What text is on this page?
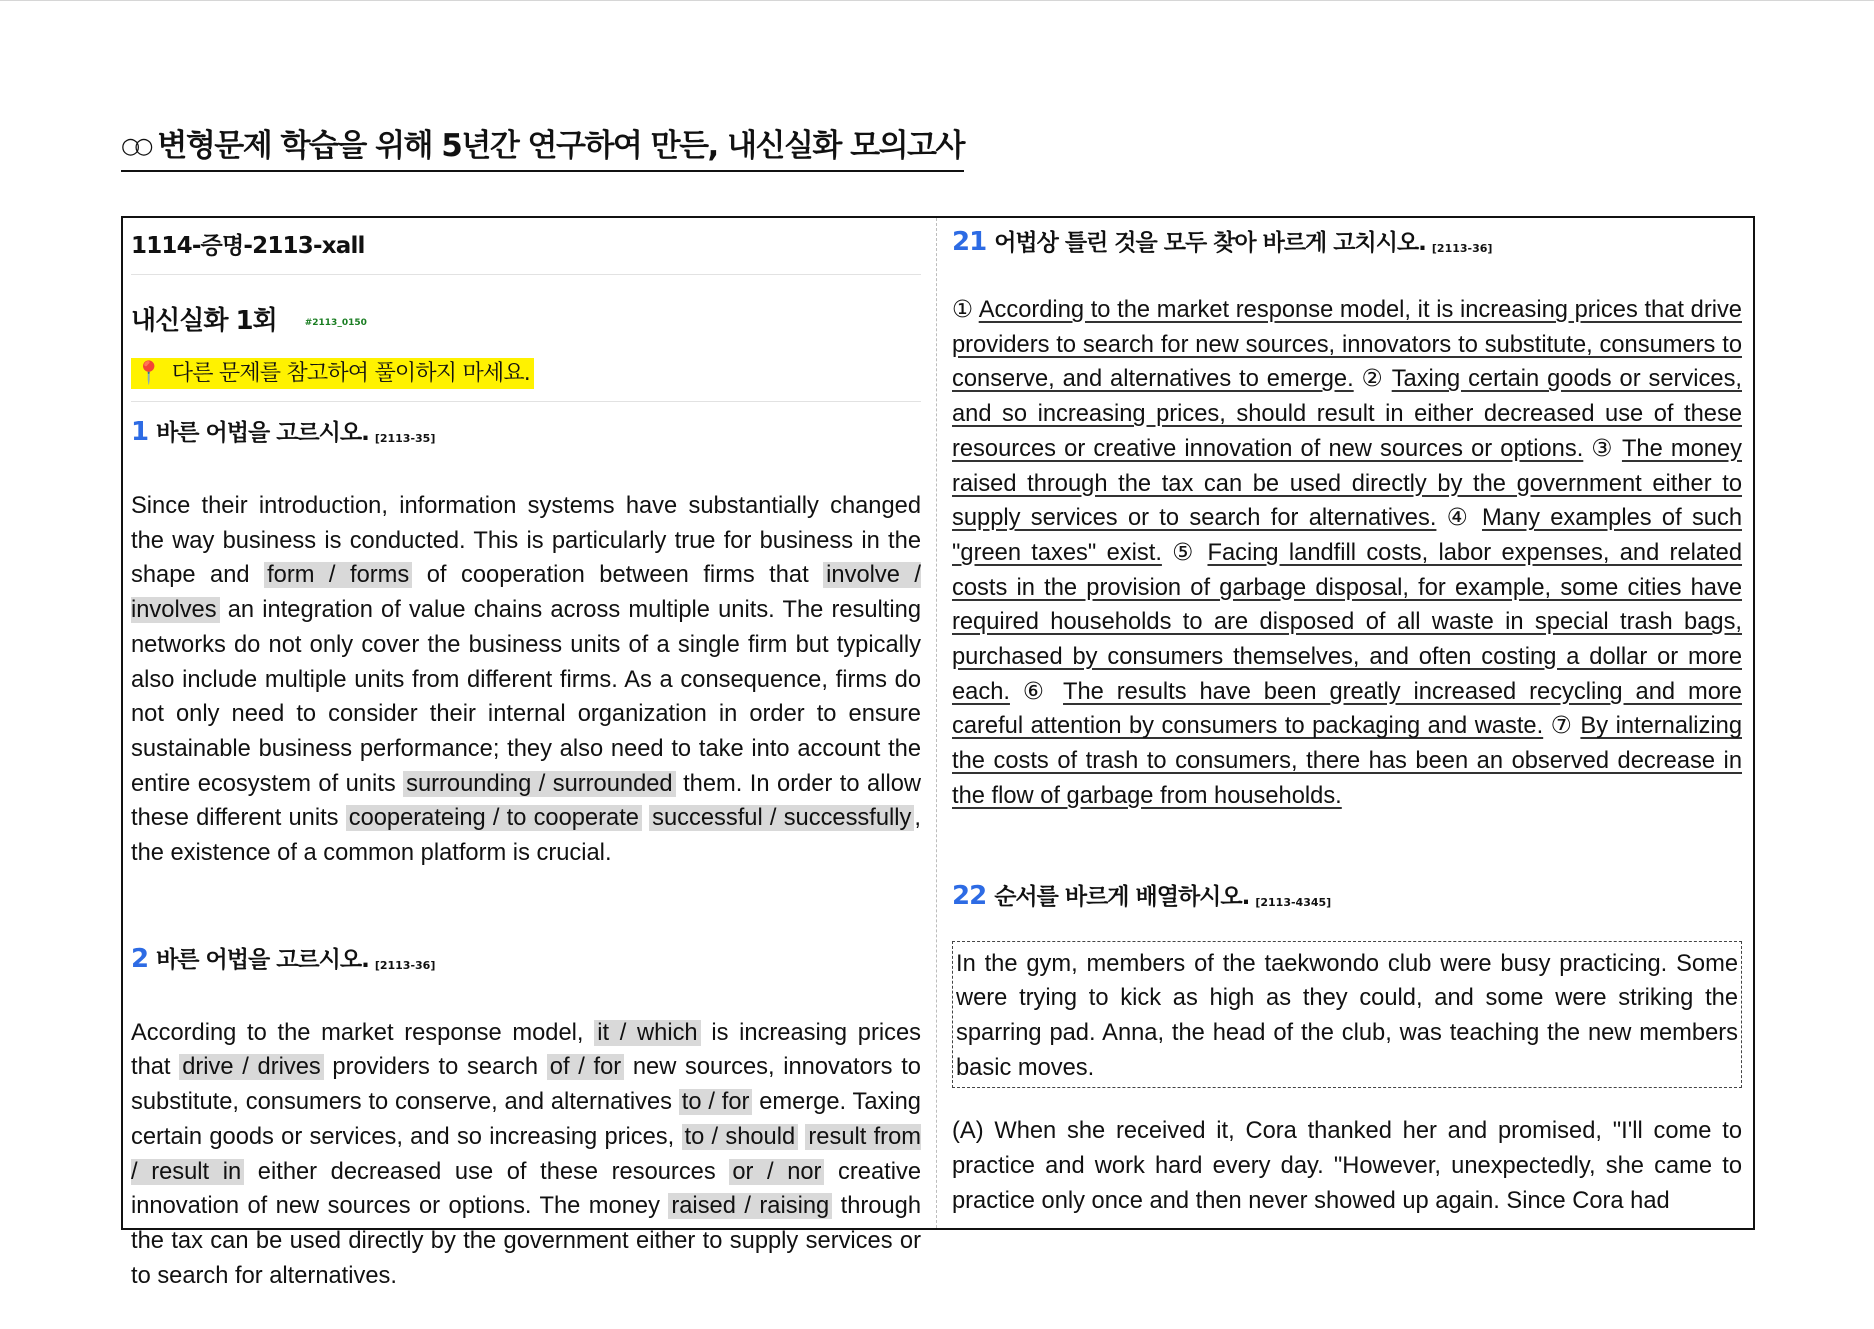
○○ 변형문제 학습을 위해 5년간 연구하여 만든, 내신실화 모의고사
1114-증명-2113-xall
내신실화 1회	#2113_0150
📍 다른 문제를 참고하여 풀이하지 마세요.
1 바른 어법을 고르시오. [2113-35]
Since their introduction, information systems have substantially changed the way business is conducted. This is particularly true for business in the shape and form / forms of cooperation between firms that involve / involves an integration of value chains across multiple units. The resulting networks do not only cover the business units of a single firm but typically also include multiple units from different firms. As a consequence, firms do not only need to consider their internal organization in order to ensure sustainable business performance; they also need to take into account the entire ecosystem of units surrounding / surrounded them. In order to allow these different units cooperateing / to cooperate successful / successfully , the existence of a common platform is crucial.
2 바른 어법을 고르시오. [2113-36]
According to the market response model, it / which is increasing prices that drive / drives providers to search of / for new sources, innovators to substitute, consumers to conserve, and alternatives to / for emerge. Taxing certain goods or services, and so increasing prices, to / should result from / result in either decreased use of these resources or / nor creative innovation of new sources or options. The money raised / raising through the tax can be used directly by the government either to supply services or to search for alternatives.
21 어법상 틀린 것을 모두 찾아 바르게 고치시오. [2113-36]
① According to the market response model, it is increasing prices that drive providers to search for new sources, innovators to substitute, consumers to conserve, and alternatives to emerge. ② Taxing certain goods or services, and so increasing prices, should result in either decreased use of these resources or creative innovation of new sources or options. ③ The money raised through the tax can be used directly by the government either to supply services or to search for alternatives. ④ Many examples of such "green taxes" exist. ⑤ Facing landfill costs, labor expenses, and related costs in the provision of garbage disposal, for example, some cities have required households to are disposed of all waste in special trash bags, purchased by consumers themselves, and often costing a dollar or more each. ⑥ The results have been greatly increased recycling and more careful attention by consumers to packaging and waste. ⑦ By internalizing the costs of trash to consumers, there has been an observed decrease in the flow of garbage from households.
22 순서를 바르게 배열하시오. [2113-4345]
In the gym, members of the taekwondo club were busy practicing. Some were trying to kick as high as they could, and some were striking the sparring pad. Anna, the head of the club, was teaching the new members basic moves.
(A) When she received it, Cora thanked her and promised, "I'll come to practice and work hard every day. "However, unexpectedly, she came to practice only once and then never showed up again. Since Cora had
